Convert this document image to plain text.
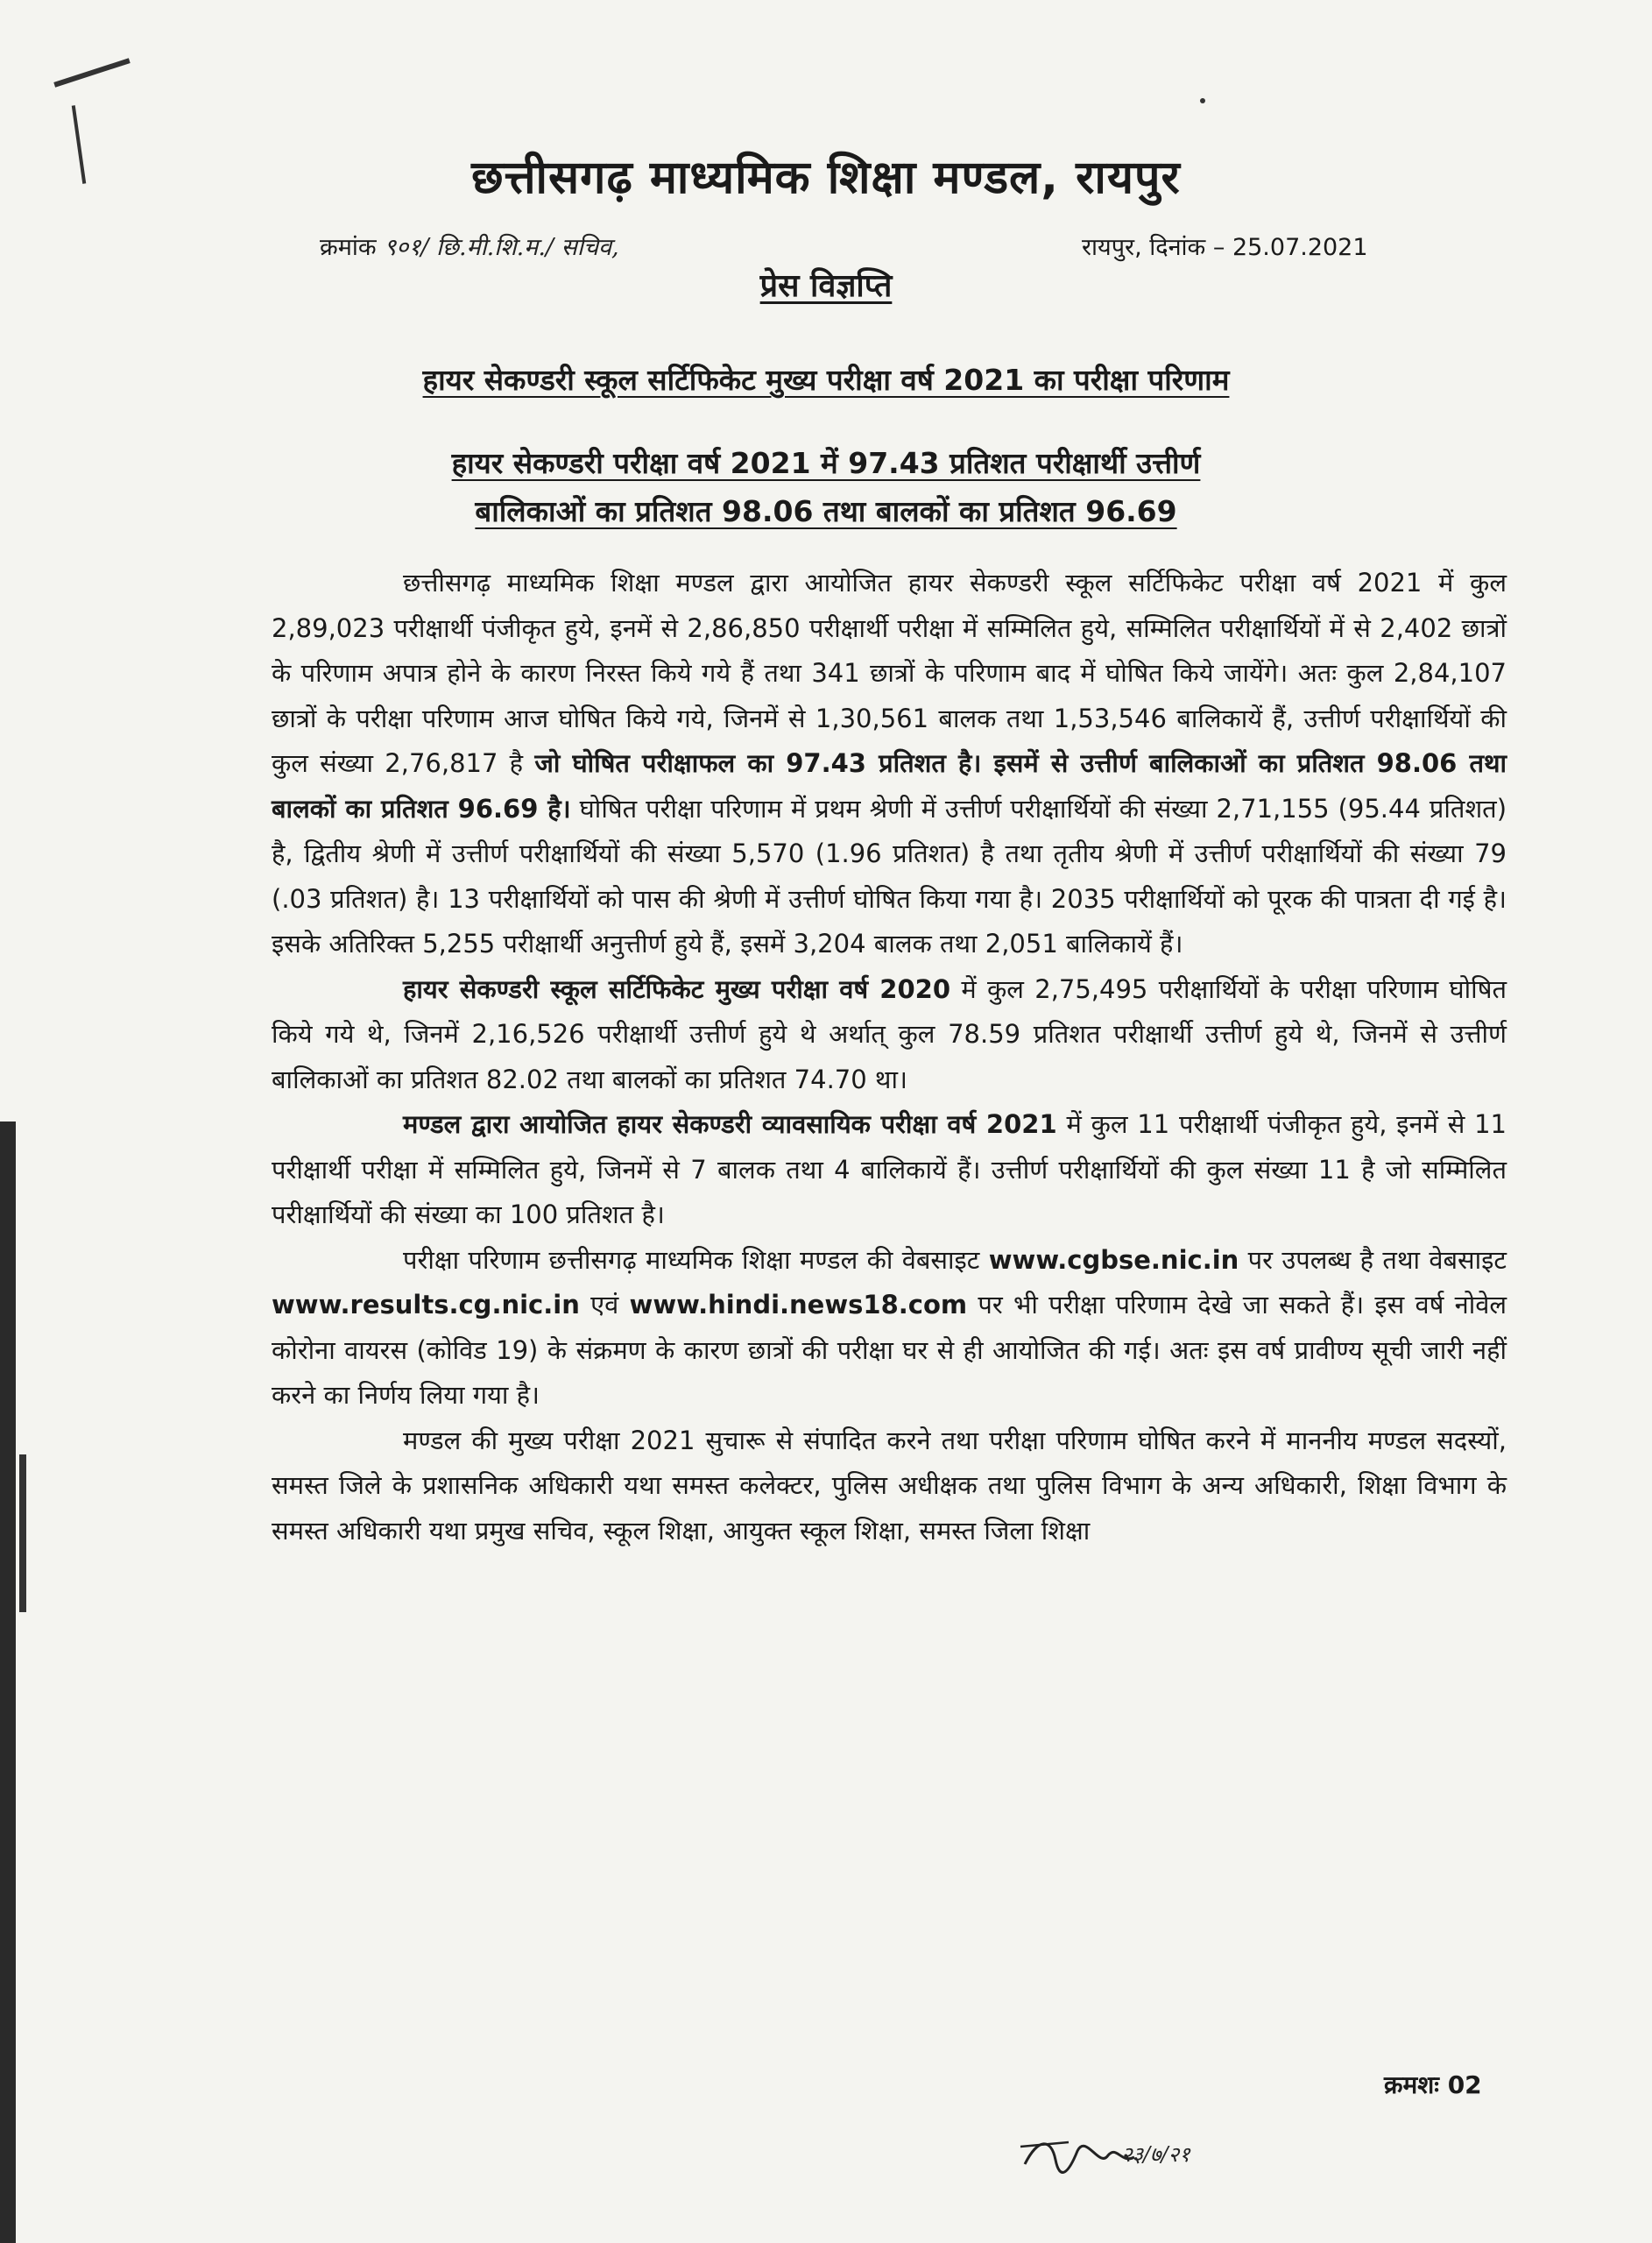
छत्तीसगढ़ माध्यमिक शिक्षा मण्डल, रायपुर
क्रमांक ९०१/ छि.मी.शि.म./ सचिव,	रायपुर, दिनांक – 25.07.2021
प्रेस विज्ञप्ति
हायर सेकण्डरी स्कूल सर्टिफिकेट मुख्य परीक्षा वर्ष 2021 का परीक्षा परिणाम
हायर सेकण्डरी परीक्षा वर्ष 2021 में 97.43 प्रतिशत परीक्षार्थी उत्तीर्ण
बालिकाओं का प्रतिशत 98.06 तथा बालकों का प्रतिशत 96.69

छत्तीसगढ़ माध्यमिक शिक्षा मण्डल द्वारा आयोजित हायर सेकण्डरी स्कूल सर्टिफिकेट परीक्षा वर्ष 2021 में कुल 2,89,023 परीक्षार्थी पंजीकृत हुये, इनमें से 2,86,850 परीक्षार्थी परीक्षा में सम्मिलित हुये, सम्मिलित परीक्षार्थियों में से 2,402 छात्रों के परिणाम अपात्र होने के कारण निरस्त किये गये हैं तथा 341 छात्रों के परिणाम बाद में घोषित किये जायेंगे। अतः कुल 2,84,107 छात्रों के परीक्षा परिणाम आज घोषित किये गये, जिनमें से 1,30,561 बालक तथा 1,53,546 बालिकायें हैं, उत्तीर्ण परीक्षार्थियों की कुल संख्या 2,76,817 है जो घोषित परीक्षाफल का 97.43 प्रतिशत है। इसमें से उत्तीर्ण बालिकाओं का प्रतिशत 98.06 तथा बालकों का प्रतिशत 96.69 है। घोषित परीक्षा परिणाम में प्रथम श्रेणी में उत्तीर्ण परीक्षार्थियों की संख्या 2,71,155 (95.44 प्रतिशत) है, द्वितीय श्रेणी में उत्तीर्ण परीक्षार्थियों की संख्या 5,570 (1.96 प्रतिशत) है तथा तृतीय श्रेणी में उत्तीर्ण परीक्षार्थियों की संख्या 79 (.03 प्रतिशत) है। 13 परीक्षार्थियों को पास की श्रेणी में उत्तीर्ण घोषित किया गया है। 2035 परीक्षार्थियों को पूरक की पात्रता दी गई है। इसके अतिरिक्त 5,255 परीक्षार्थी अनुत्तीर्ण हुये हैं, इसमें 3,204 बालक तथा 2,051 बालिकायें हैं।

हायर सेकण्डरी स्कूल सर्टिफिकेट मुख्य परीक्षा वर्ष 2020 में कुल 2,75,495 परीक्षार्थियों के परीक्षा परिणाम घोषित किये गये थे, जिनमें 2,16,526 परीक्षार्थी उत्तीर्ण हुये थे अर्थात् कुल 78.59 प्रतिशत परीक्षार्थी उत्तीर्ण हुये थे, जिनमें से उत्तीर्ण बालिकाओं का प्रतिशत 82.02 तथा बालकों का प्रतिशत 74.70 था।

मण्डल द्वारा आयोजित हायर सेकण्डरी व्यावसायिक परीक्षा वर्ष 2021 में कुल 11 परीक्षार्थी पंजीकृत हुये, इनमें से 11 परीक्षार्थी परीक्षा में सम्मिलित हुये, जिनमें से 7 बालक तथा 4 बालिकायें हैं। उत्तीर्ण परीक्षार्थियों की कुल संख्या 11 है जो सम्मिलित परीक्षार्थियों की संख्या का 100 प्रतिशत है।

परीक्षा परिणाम छत्तीसगढ़ माध्यमिक शिक्षा मण्डल की वेबसाइट www.cgbse.nic.in पर उपलब्ध है तथा वेबसाइट www.results.cg.nic.in एवं www.hindi.news18.com पर भी परीक्षा परिणाम देखे जा सकते हैं। इस वर्ष नोवेल कोरोना वायरस (कोविड 19) के संक्रमण के कारण छात्रों की परीक्षा घर से ही आयोजित की गई। अतः इस वर्ष प्रावीण्य सूची जारी नहीं करने का निर्णय लिया गया है।

मण्डल की मुख्य परीक्षा 2021 सुचारू से संपादित करने तथा परीक्षा परिणाम घोषित करने में माननीय मण्डल सदस्यों, समस्त जिले के प्रशासनिक अधिकारी यथा समस्त कलेक्टर, पुलिस अधीक्षक तथा पुलिस विभाग के अन्य अधिकारी, शिक्षा विभाग के समस्त अधिकारी यथा प्रमुख सचिव, स्कूल शिक्षा, आयुक्त स्कूल शिक्षा, समस्त जिला शिक्षा

क्रमशः 02
२३/७/२१
